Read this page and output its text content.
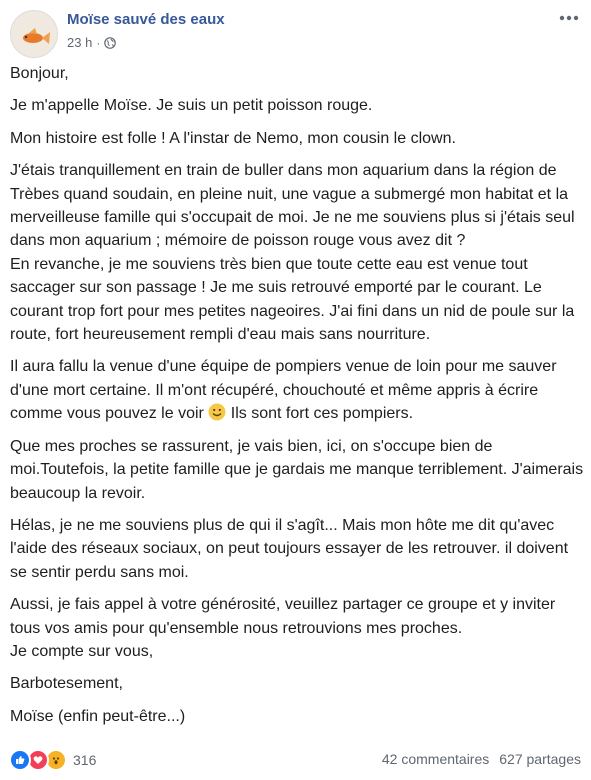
Moïse sauvé des eaux
23 h ·

Bonjour,

Je m'appelle Moïse. Je suis un petit poisson rouge.

Mon histoire est folle ! A l'instar de Nemo, mon cousin le clown.

J'étais tranquillement en train de buller dans mon aquarium dans la région de Trèbes quand soudain, en pleine nuit, une vague a submergé mon habitat et la merveilleuse famille qui s'occupait de moi. Je ne me souviens plus si j'étais seul dans mon aquarium ; mémoire de poisson rouge vous avez dit ?
En revanche, je me souviens très bien que toute cette eau est venue tout saccager sur son passage ! Je me suis retrouvé emporté par le courant. Le courant trop fort pour mes petites nageoires. J'ai fini dans un nid de poule sur la route, fort heureusement rempli d'eau mais sans nourriture.

Il aura fallu la venue d'une équipe de pompiers venue de loin pour me sauver d'une mort certaine. Il m'ont récupéré, chouchouté et même appris à écrire comme vous pouvez le voir  Ils sont fort ces pompiers.

Que mes proches se rassurent, je vais bien, ici, on s'occupe bien de moi.Toutefois, la petite famille que je gardais me manque terriblement. J'aimerais beaucoup la revoir.

Hélas, je ne me souviens plus de qui il s'agît... Mais mon hôte me dit qu'avec l'aide des réseaux sociaux, on peut toujours essayer de les retrouver. il doivent se sentir perdu sans moi.

Aussi, je fais appel à votre générosité, veuillez partager ce groupe et y inviter tous vos amis pour qu'ensemble nous retrouvions mes proches.
Je compte sur vous,

Barbotesement,

Moïse (enfin peut-être...)

316	42 commentaires 627 partages
